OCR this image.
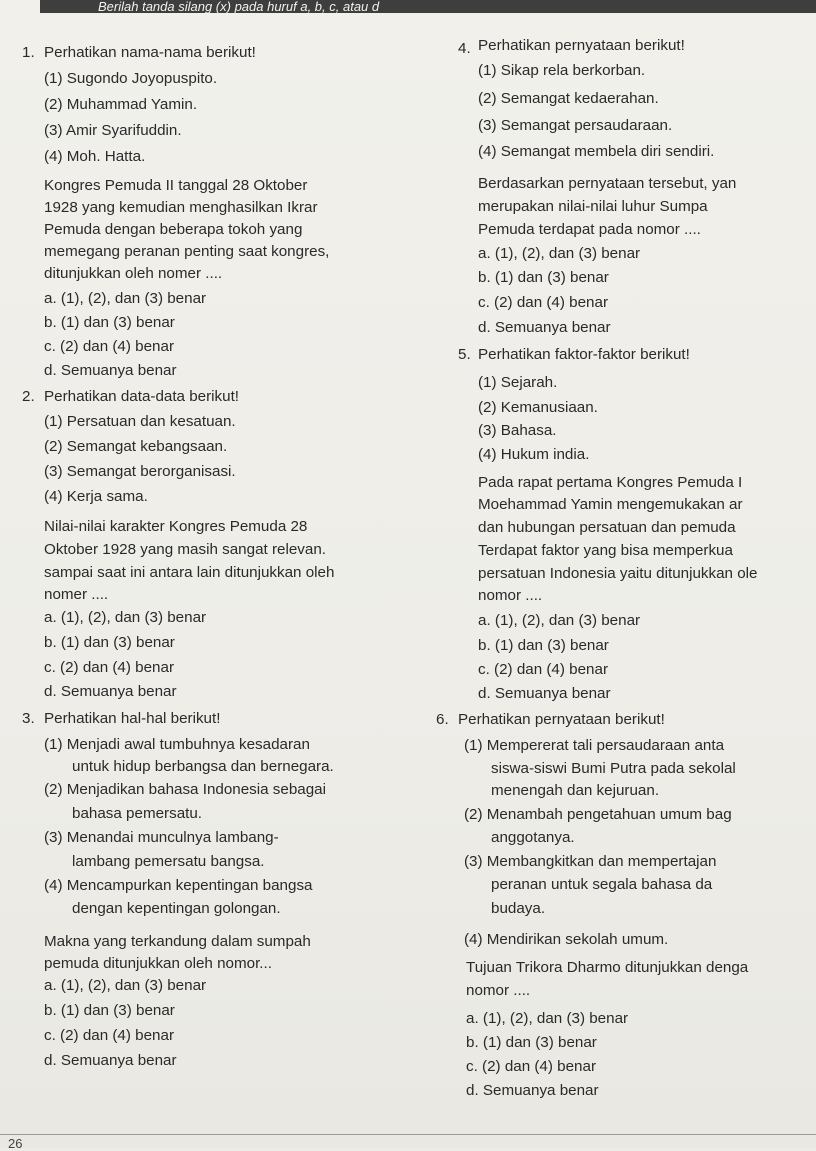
Berilah tanda silang (x) pada huruf a, b, c, atau d
1. Perhatikan nama-nama berikut!
(1) Sugondo Joyopuspito.
(2) Muhammad Yamin.
(3) Amir Syarifuddin.
(4) Moh. Hatta.
Kongres Pemuda II tanggal 28 Oktober
1928 yang kemudian menghasilkan Ikrar
Pemuda dengan beberapa tokoh yang
memegang peranan penting saat kongres,
ditunjukkan oleh nomer ....
a. (1), (2), dan (3) benar
b. (1) dan (3) benar
c. (2) dan (4) benar
d. Semuanya benar
2. Perhatikan data-data berikut!
(1) Persatuan dan kesatuan.
(2) Semangat kebangsaan.
(3) Semangat berorganisasi.
(4) Kerja sama.
Nilai-nilai karakter Kongres Pemuda 28
Oktober 1928 yang masih sangat relevan.
sampai saat ini antara lain ditunjukkan oleh
nomer ....
a. (1), (2), dan (3) benar
b. (1) dan (3) benar
c. (2) dan (4) benar
d. Semuanya benar
3. Perhatikan hal-hal berikut!
(1) Menjadi awal tumbuhnya kesadaran
untuk hidup berbangsa dan bernegara.
(2) Menjadikan bahasa Indonesia sebagai
bahasa pemersatu.
(3) Menandai munculnya lambang-
lambang pemersatu bangsa.
(4) Mencampurkan kepentingan bangsa
dengan kepentingan golongan.
Makna yang terkandung dalam sumpah
pemuda ditunjukkan oleh nomor...
a. (1), (2), dan (3) benar
b. (1) dan (3) benar
c. (2) dan (4) benar
d. Semuanya benar
4. Perhatikan pernyataan berikut!
(1) Sikap rela berkorban.
(2) Semangat kedaerahan.
(3) Semangat persaudaraan.
(4) Semangat membela diri sendiri.
Berdasarkan pernyataan tersebut, yan
merupakan nilai-nilai luhur Sumpa
Pemuda terdapat pada nomor ....
a. (1), (2), dan (3) benar
b. (1) dan (3) benar
c. (2) dan (4) benar
d. Semuanya benar
5. Perhatikan faktor-faktor berikut!
(1) Sejarah.
(2) Kemanusiaan.
(3) Bahasa.
(4) Hukum india.
Pada rapat pertama Kongres Pemuda I
Moehammad Yamin mengemukakan ar
dan hubungan persatuan dan pemuda
Terdapat faktor yang bisa memperkua
persatuan Indonesia yaitu ditunjukkan ole
nomor ....
a. (1), (2), dan (3) benar
b. (1) dan (3) benar
c. (2) dan (4) benar
d. Semuanya benar
6. Perhatikan pernyataan berikut!
(1) Mempererat tali persaudaraan anta
siswa-siswi Bumi Putra pada sekolal
menengah dan kejuruan.
(2) Menambah pengetahuan umum bag
anggotanya.
(3) Membangkitkan dan mempertajan
peranan untuk segala bahasa da
budaya.
(4) Mendirikan sekolah umum.
Tujuan Trikora Dharmo ditunjukkan denga
nomor ....
a. (1), (2), dan (3) benar
b. (1) dan (3) benar
c. (2) dan (4) benar
d. Semuanya benar
26
